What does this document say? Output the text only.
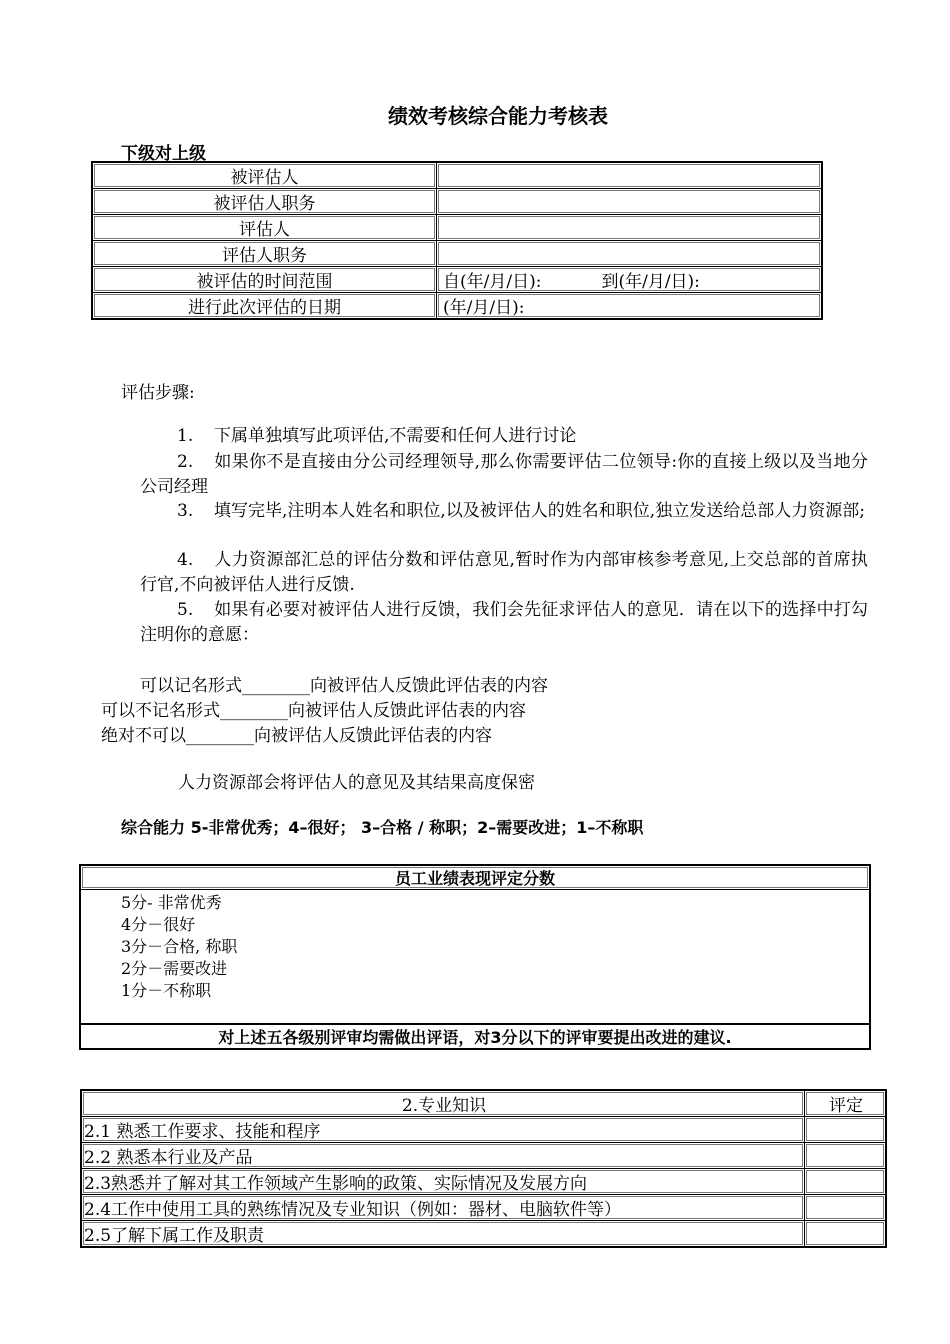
绩效考核综合能力考核表
下级对上级
被评估人	
被评估人职务	
评估人	
评估人职务	
被评估的时间范围	自(年/月/日): 到(年/月/日):
进行此次评估的日期	(年/月/日):
评估步骤:
1. 下属单独填写此项评估,不需要和任何人进行讨论
2. 如果你不是直接由分公司经理领导,那么你需要评估二位领导:你的直接上级以及当地分公司经理
3. 填写完毕,注明本人姓名和职位,以及被评估人的姓名和职位,独立发送给总部人力资源部;
4. 人力资源部汇总的评估分数和评估意见,暂时作为内部审核参考意见,上交总部的首席执行官,不向被评估人进行反馈.
5. 如果有必要对被评估人进行反馈，我们会先征求评估人的意见．请在以下的选择中打勾注明你的意愿：
可以记名形式________向被评估人反馈此评估表的内容
可以不记名形式________向被评估人反馈此评估表的内容
绝对不可以________向被评估人反馈此评估表的内容
人力资源部会将评估人的意见及其结果高度保密
综合能力 5-非常优秀；4–很好； 3–合格 / 称职；2–需要改进；1–不称职
员工业绩表现评定分数
5分- 非常优秀
4分－很好
3分－合格, 称职
2分－需要改进
1分－不称职
对上述五各级别评审均需做出评语，对3分以下的评审要提出改进的建议.
2.专业知识	评定
2.1 熟悉工作要求、技能和程序	
2.2 熟悉本行业及产品	
2.3熟悉并了解对其工作领域产生影响的政策、实际情况及发展方向	
2.4工作中使用工具的熟练情况及专业知识（例如：器材、电脑软件等）	
2.5了解下属工作及职责	
